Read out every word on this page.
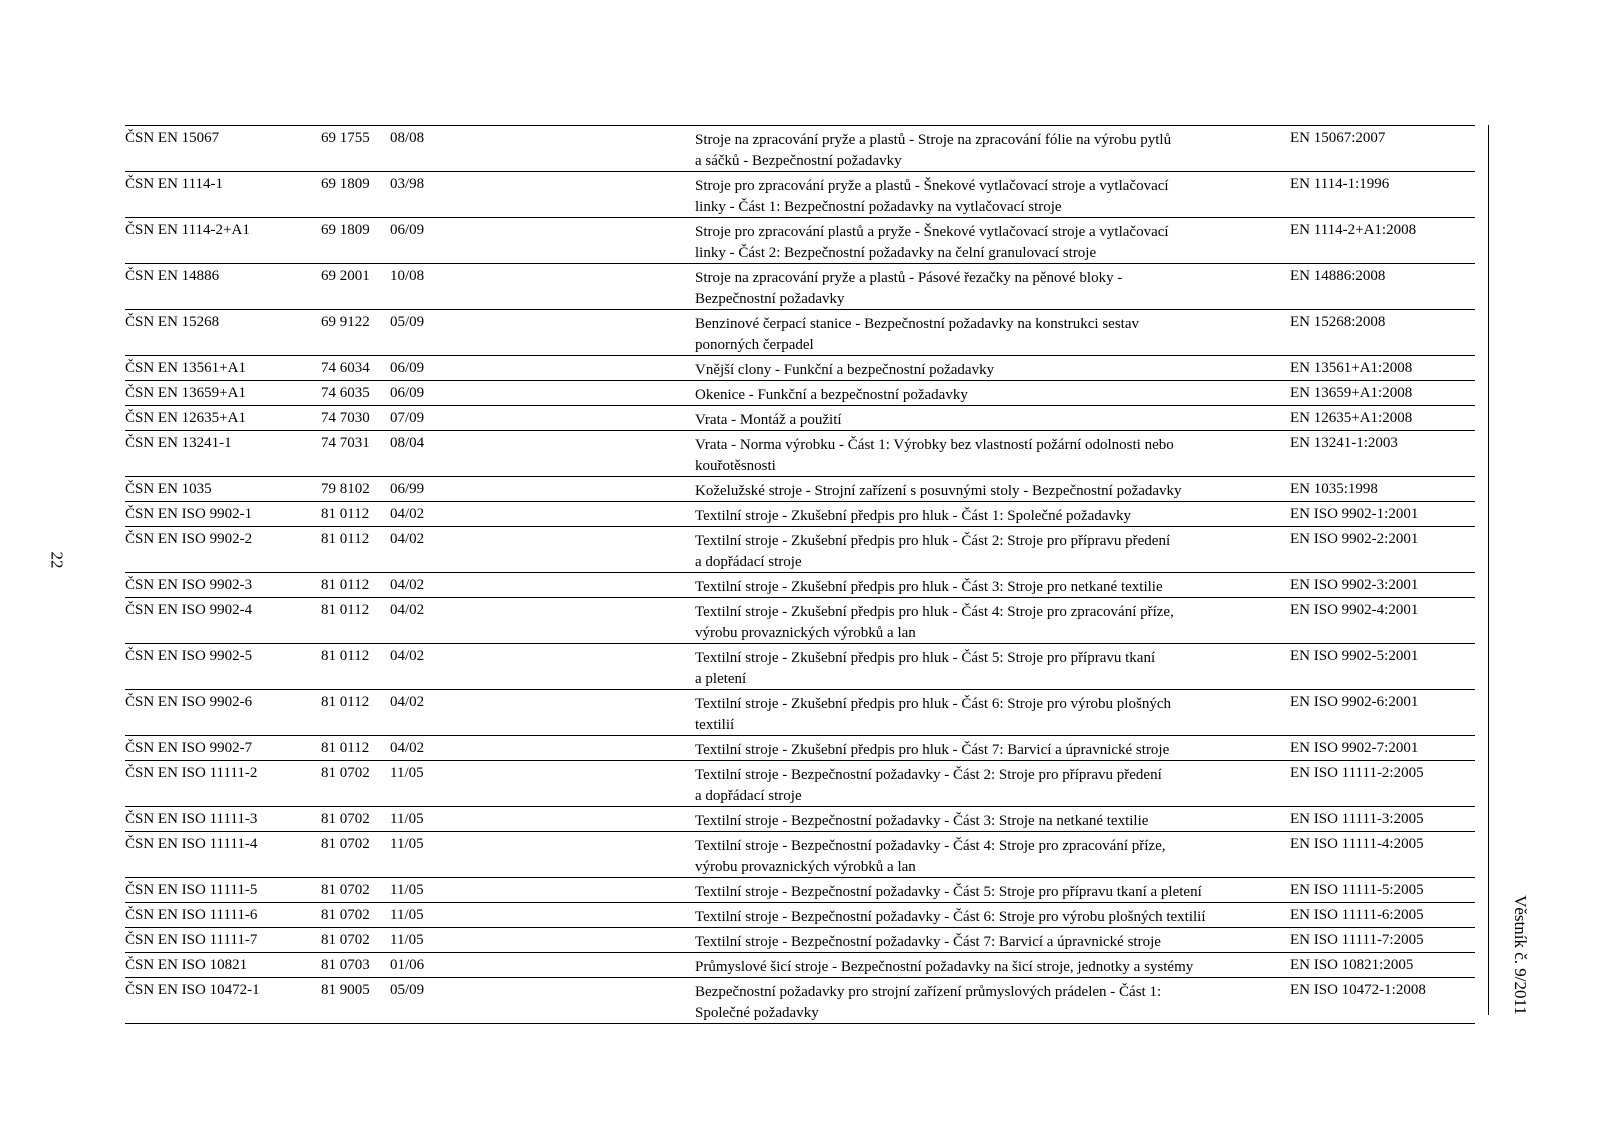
22
Věstník č. 9/2011
ČSN EN 15067	69 1755 08/08	Stroje na zpracování pryže a plastů - Stroje na zpracování fólie na výrobu pytlů
a sáčků - Bezpečnostní požadavky
EN 15067:2007
ČSN EN 1114-1	69 1809 03/98	Stroje pro zpracování pryže a plastů - Šnekové vytlačovací stroje a vytlačovací
linky - Část 1: Bezpečnostní požadavky na vytlačovací stroje
EN 1114-1:1996
ČSN EN 1114-2+A1	69 1809 06/09	Stroje pro zpracování plastů a pryže - Šnekové vytlačovací stroje a vytlačovací
linky - Část 2: Bezpečnostní požadavky na čelní granulovací stroje
EN 1114-2+A1:2008
ČSN EN 14886	69 2001 10/08	Stroje na zpracování pryže a plastů - Pásové řezačky na pěnové bloky -
Bezpečnostní požadavky
EN 14886:2008
ČSN EN 15268	69 9122 05/09	Benzinové čerpací stanice - Bezpečnostní požadavky na konstrukci sestav
ponorných čerpadel
EN 15268:2008
ČSN EN 13561+A1	74 6034 06/09	Vnější clony - Funkční a bezpečnostní požadavky	EN 13561+A1:2008
ČSN EN 13659+A1	74 6035 06/09	Okenice - Funkční a bezpečnostní požadavky	EN 13659+A1:2008
ČSN EN 12635+A1	74 7030 07/09	Vrata - Montáž a použití	EN 12635+A1:2008
ČSN EN 13241-1	74 7031 08/04	Vrata - Norma výrobku - Část 1: Výrobky bez vlastností požární odolnosti nebo
kouřotěsnosti
EN 13241-1:2003
ČSN EN 1035	79 8102 06/99	Koželužské stroje - Strojní zařízení s posuvnými stoly - Bezpečnostní požadavky	EN 1035:1998
ČSN EN ISO 9902-1	81 0112 04/02	Textilní stroje - Zkušební předpis pro hluk - Část 1: Společné požadavky	EN ISO 9902-1:2001
ČSN EN ISO 9902-2	81 0112 04/02	Textilní stroje - Zkušební předpis pro hluk - Část 2: Stroje pro přípravu předení
a dopřádací stroje
EN ISO 9902-2:2001
ČSN EN ISO 9902-3	81 0112 04/02	Textilní stroje - Zkušební předpis pro hluk - Část 3: Stroje pro netkané textilie	EN ISO 9902-3:2001
ČSN EN ISO 9902-4	81 0112 04/02	Textilní stroje - Zkušební předpis pro hluk - Část 4: Stroje pro zpracování příze,
výrobu provaznických výrobků a lan
EN ISO 9902-4:2001
ČSN EN ISO 9902-5	81 0112 04/02	Textilní stroje - Zkušební předpis pro hluk - Část 5: Stroje pro přípravu tkaní
a pletení
EN ISO 9902-5:2001
ČSN EN ISO 9902-6	81 0112 04/02	Textilní stroje - Zkušební předpis pro hluk - Část 6: Stroje pro výrobu plošných
textilií
EN ISO 9902-6:2001
ČSN EN ISO 9902-7	81 0112 04/02	Textilní stroje - Zkušební předpis pro hluk - Část 7: Barvicí a úpravnické stroje	EN ISO 9902-7:2001
ČSN EN ISO 11111-2	81 0702 11/05	Textilní stroje - Bezpečnostní požadavky - Část 2: Stroje pro přípravu předení
a dopřádací stroje
EN ISO 11111-2:2005
ČSN EN ISO 11111-3	81 0702 11/05	Textilní stroje - Bezpečnostní požadavky - Část 3: Stroje na netkané textilie	EN ISO 11111-3:2005
ČSN EN ISO 11111-4	81 0702 11/05	Textilní stroje - Bezpečnostní požadavky - Část 4: Stroje pro zpracování příze,
výrobu provaznických výrobků a lan
EN ISO 11111-4:2005
ČSN EN ISO 11111-5	81 0702 11/05	Textilní stroje - Bezpečnostní požadavky - Část 5: Stroje pro přípravu tkaní a pletení	EN ISO 11111-5:2005
ČSN EN ISO 11111-6	81 0702 11/05	Textilní stroje - Bezpečnostní požadavky - Část 6: Stroje pro výrobu plošných textilií	EN ISO 11111-6:2005
ČSN EN ISO 11111-7	81 0702 11/05	Textilní stroje - Bezpečnostní požadavky - Část 7: Barvicí a úpravnické stroje	EN ISO 11111-7:2005
ČSN EN ISO 10821	81 0703 01/06	Průmyslové šicí stroje - Bezpečnostní požadavky na šicí stroje, jednotky a systémy	EN ISO 10821:2005
ČSN EN ISO 10472-1	81 9005 05/09	Bezpečnostní požadavky pro strojní zařízení průmyslových prádelen - Část 1:
Společné požadavky
EN ISO 10472-1:2008
